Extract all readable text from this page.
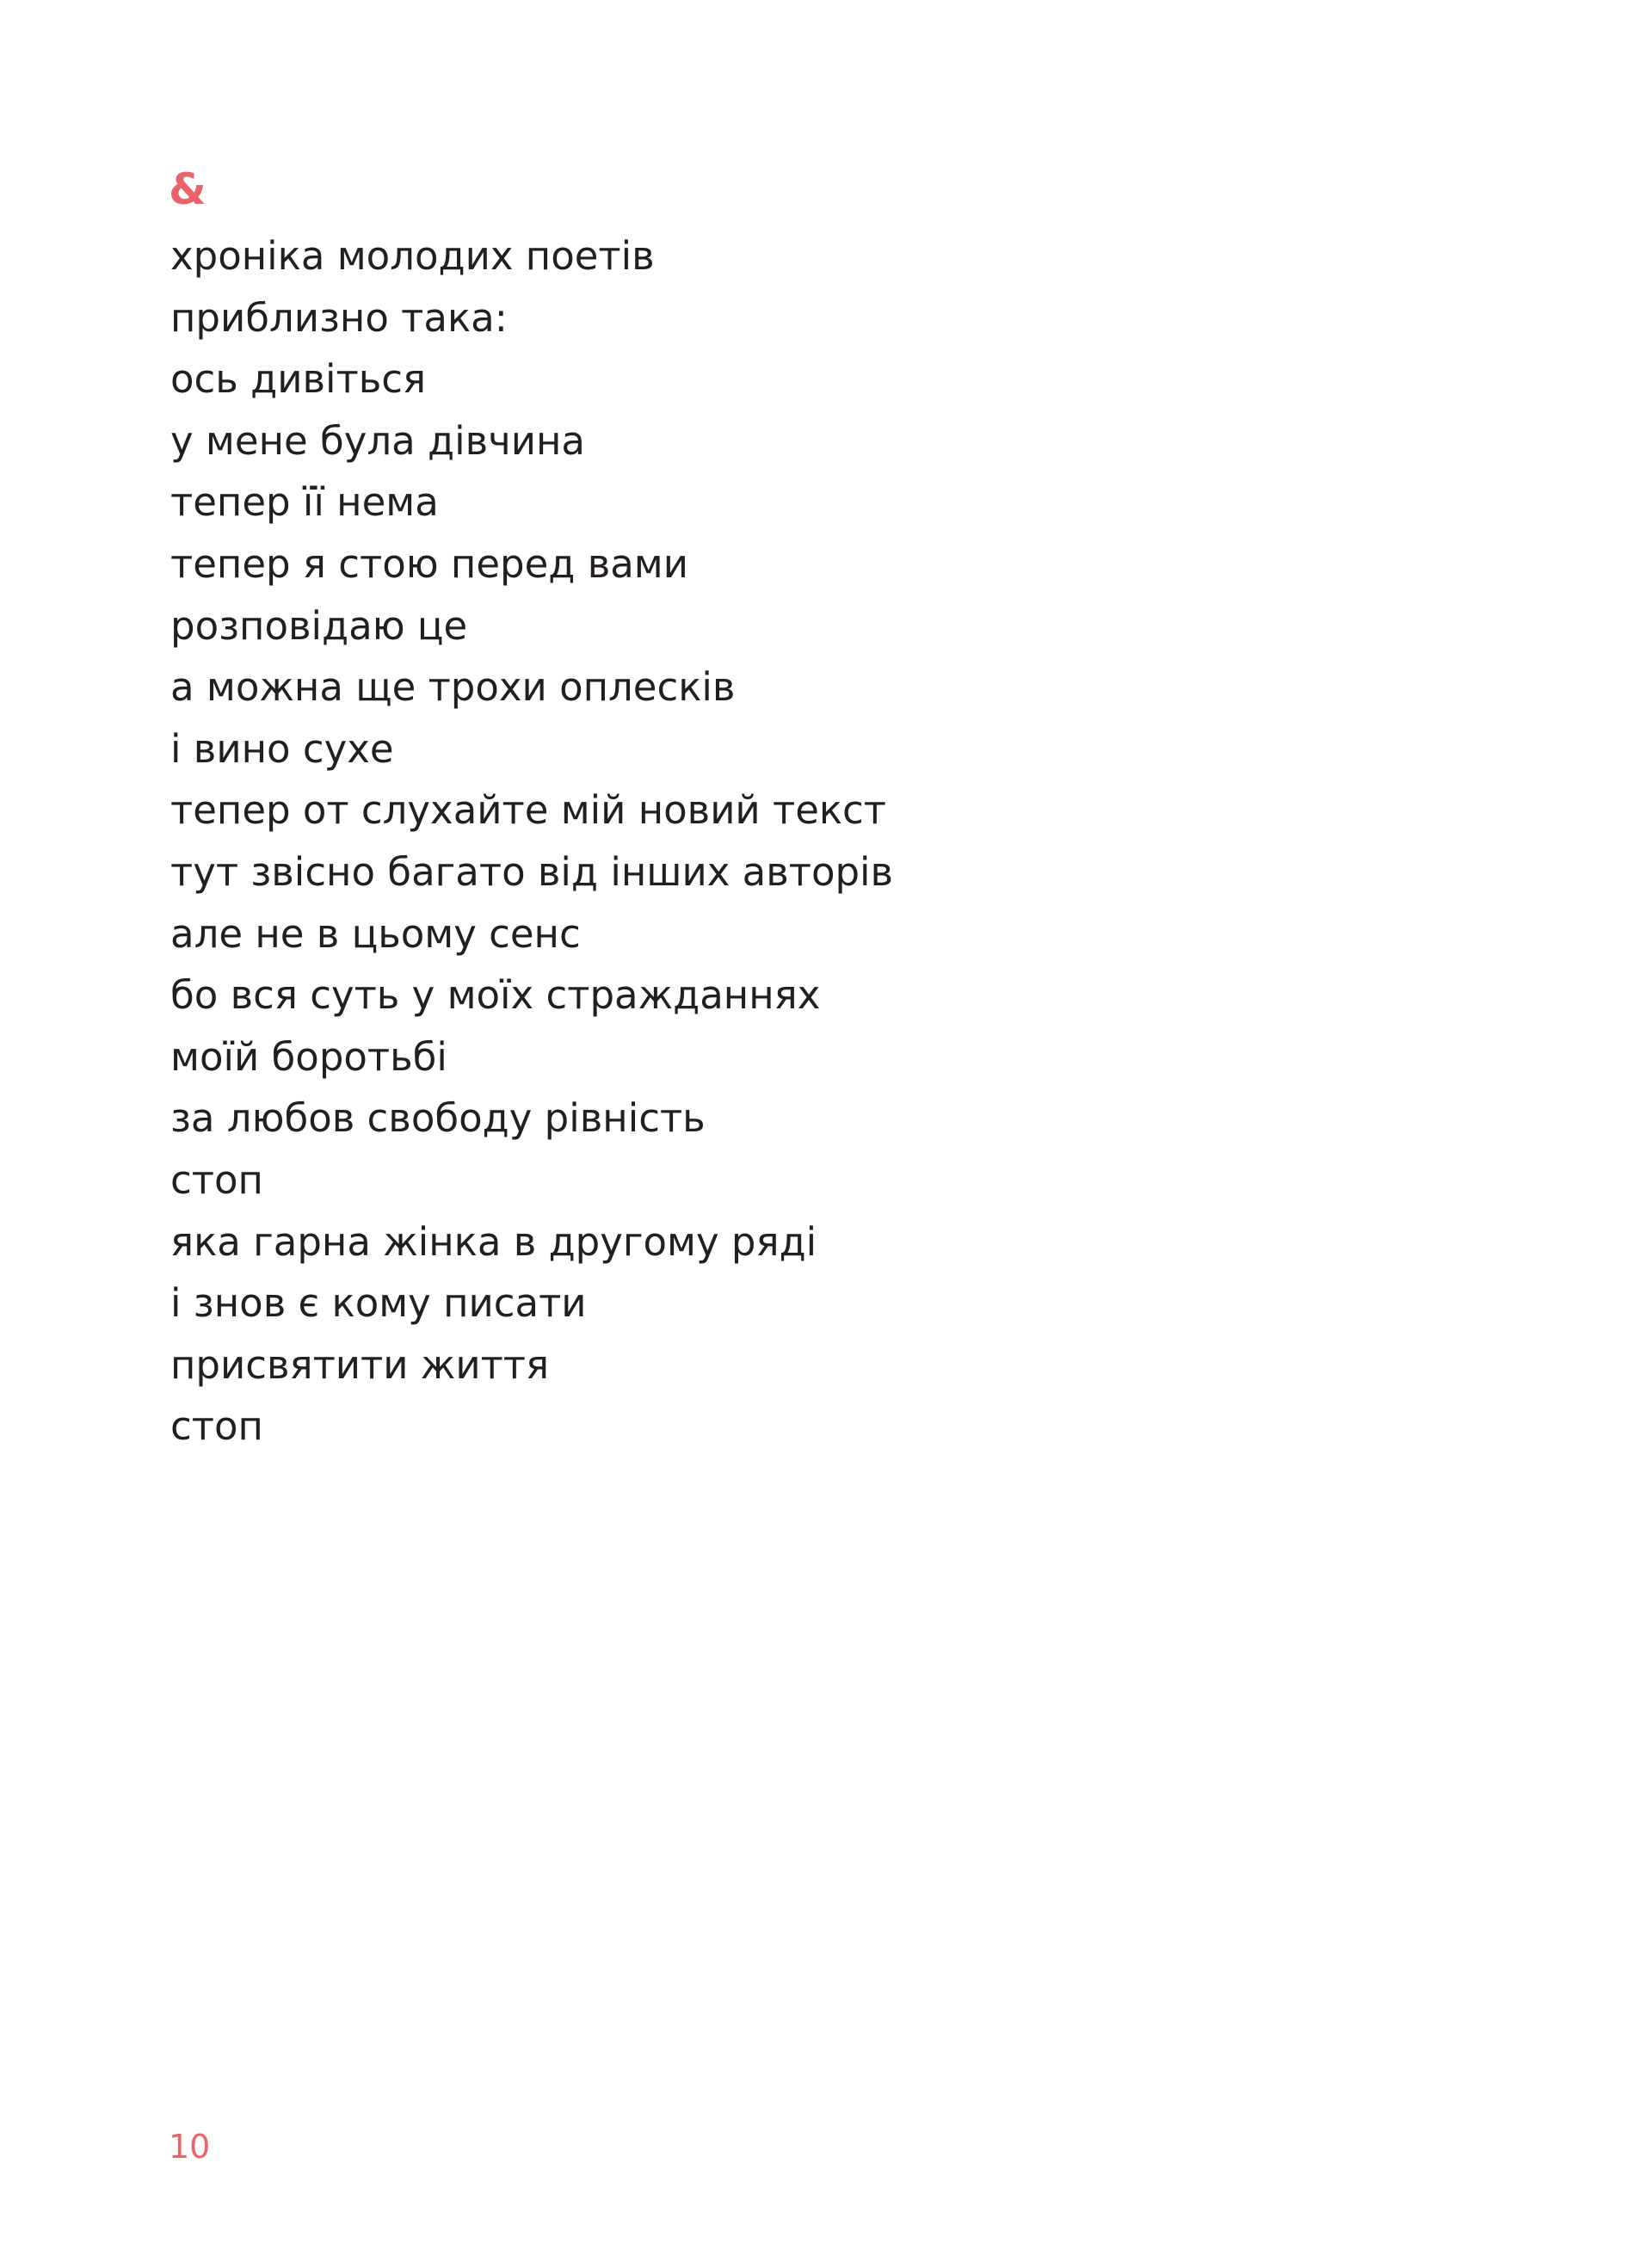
&
хроніка молодих поетів
приблизно така:
ось дивіться
у мене була дівчина
тепер її нема
тепер я стою перед вами
розповідаю це
а можна ще трохи оплесків
і вино сухе
тепер от слухайте мій новий текст
тут звісно багато від інших авторів
але не в цьому сенс
бо вся суть у моїх стражданнях
моїй боротьбі
за любов свободу рівність
стоп
яка гарна жінка в другому ряді
і знов є кому писати
присвятити життя
стоп
10
